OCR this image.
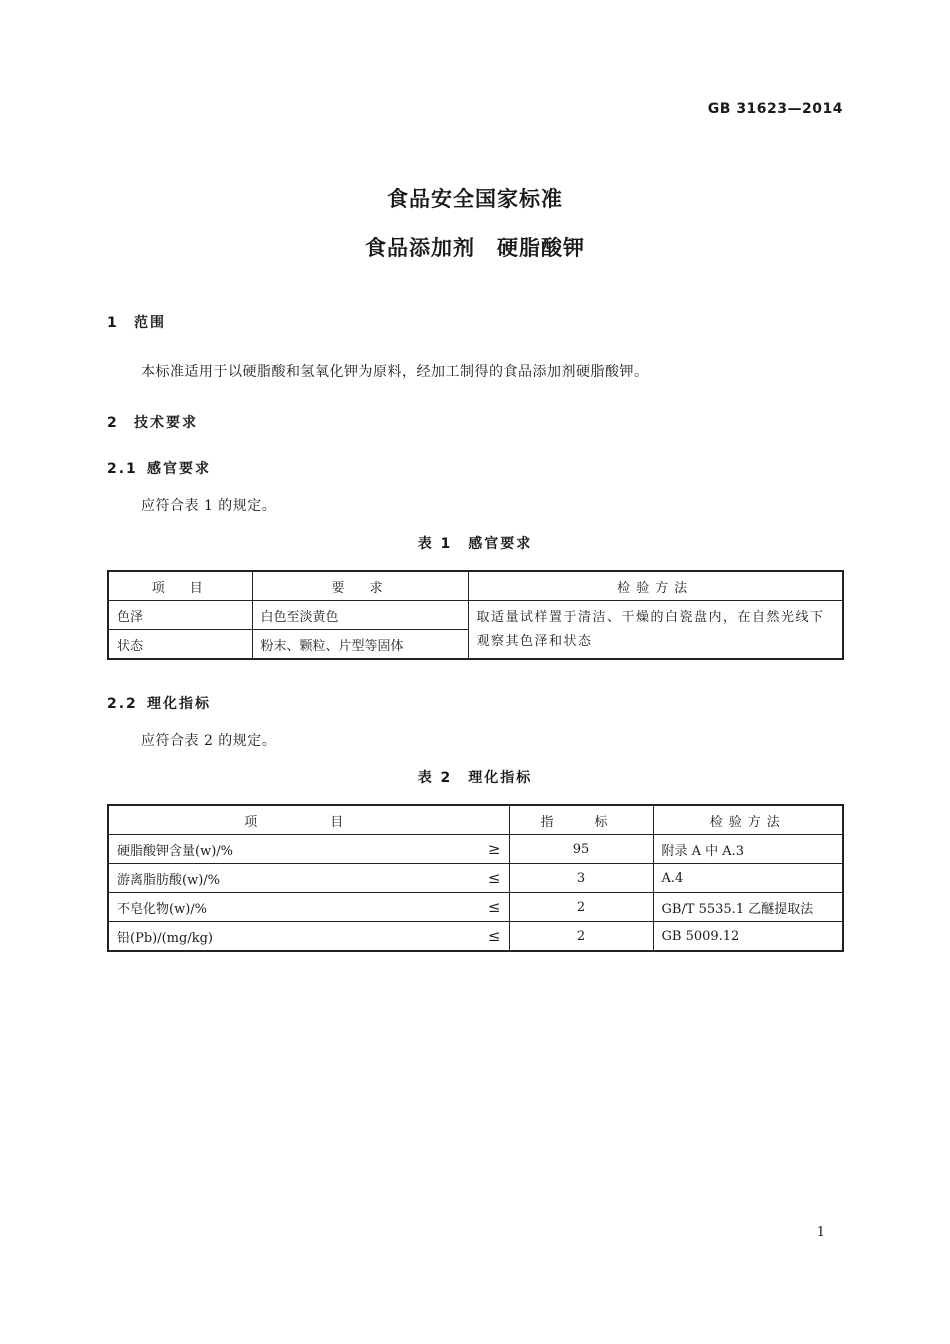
GB 31623—2014
食品安全国家标准
食品添加剂　硬脂酸钾
1 范围
本标准适用于以硬脂酸和氢氧化钾为原料，经加工制得的食品添加剂硬脂酸钾。
2 技术要求
2.1 感官要求
应符合表 1 的规定。
表 1　感官要求
项　目	要　求	检验方法
色泽	白色至淡黄色	取适量试样置于清洁、干燥的白瓷盘内，在自然光线下观察其色泽和状态
状态	粉末、颗粒、片型等固体	
2.2 理化指标
应符合表 2 的规定。
表 2　理化指标
项　目		指　标	检验方法
硬脂酸钾含量(w)/%	≥	95	附录 A 中 A.3
游离脂肪酸(w)/%	≤	3	A.4
不皂化物(w)/%	≤	2	GB/T 5535.1 乙醚提取法
铅(Pb)/(mg/kg)	≤	2	GB 5009.12
1
